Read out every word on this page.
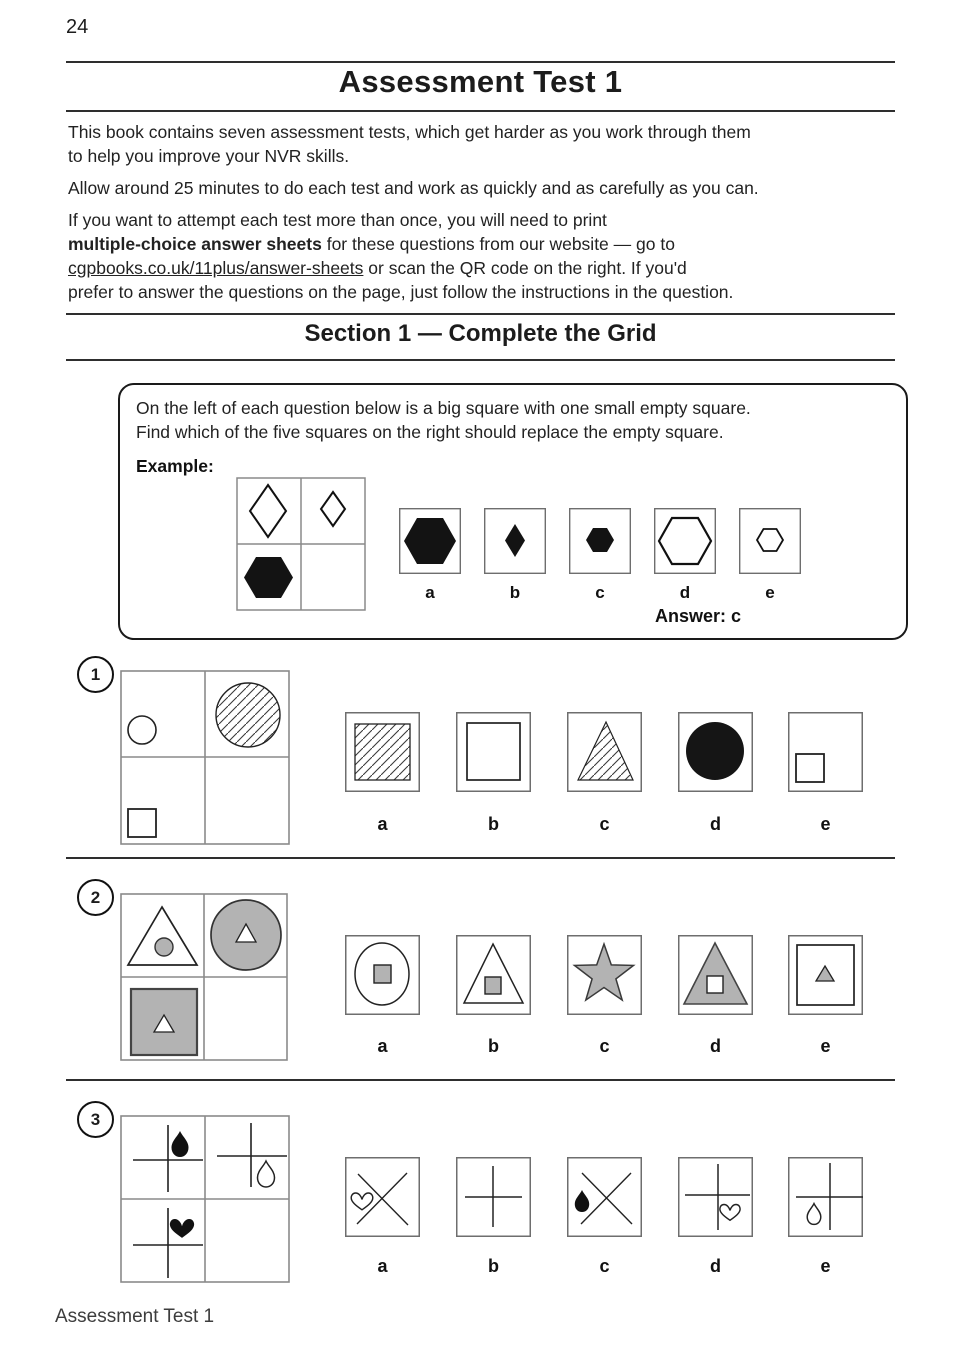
24
Assessment Test 1
This book contains seven assessment tests, which get harder as you work through them
to help you improve your NVR skills.
Allow around 25 minutes to do each test and work as quickly and as carefully as you can.
If you want to attempt each test more than once, you will need to print
multiple-choice answer sheets for these questions from our website — go to
cgpbooks.co.uk/11plus/answer-sheets or scan the QR code on the right. If you'd
prefer to answer the questions on the page, just follow the instructions in the question.
Section 1 — Complete the Grid
On the left of each question below is a big square with one small empty square.
Find which of the five squares on the right should replace the empty square.
Example:
a	b	c	d	e
Answer: c
1
a	b	c	d	e
2
a	b	c	d	e
3
a	b	c	d	e
Assessment Test 1
